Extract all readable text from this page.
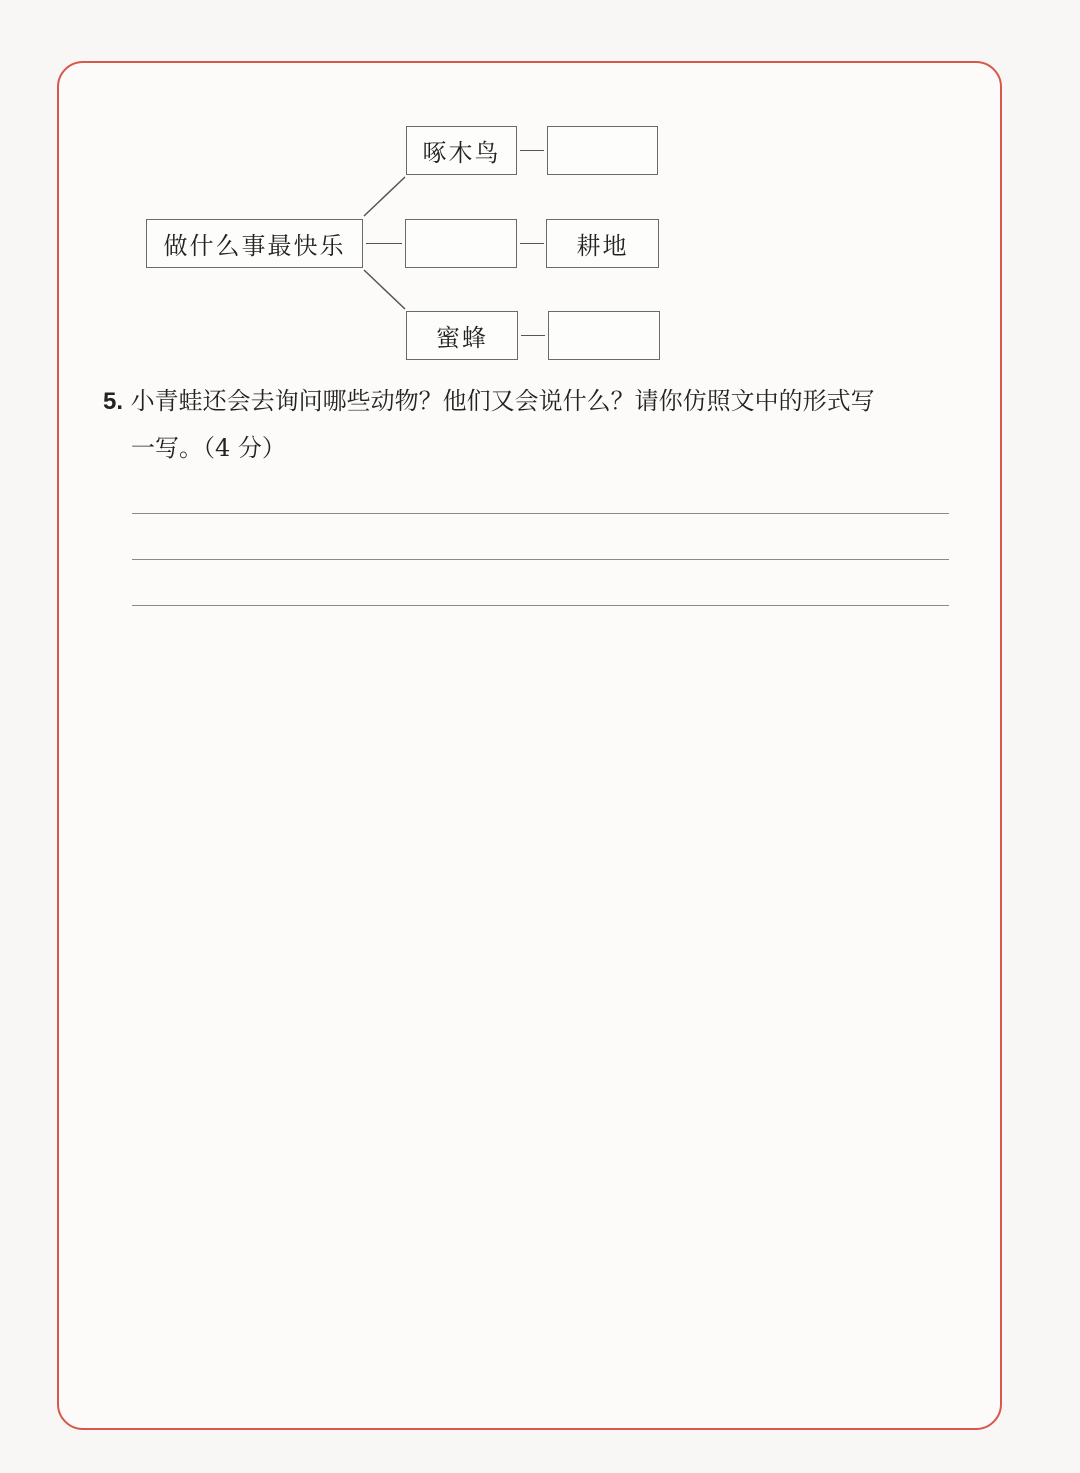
做什么事最快乐
啄木鸟
耕地
蜜蜂
5. 小青蛙还会去询问哪些动物？他们又会说什么？请你仿照文中的形式写
一写。（4 分）
